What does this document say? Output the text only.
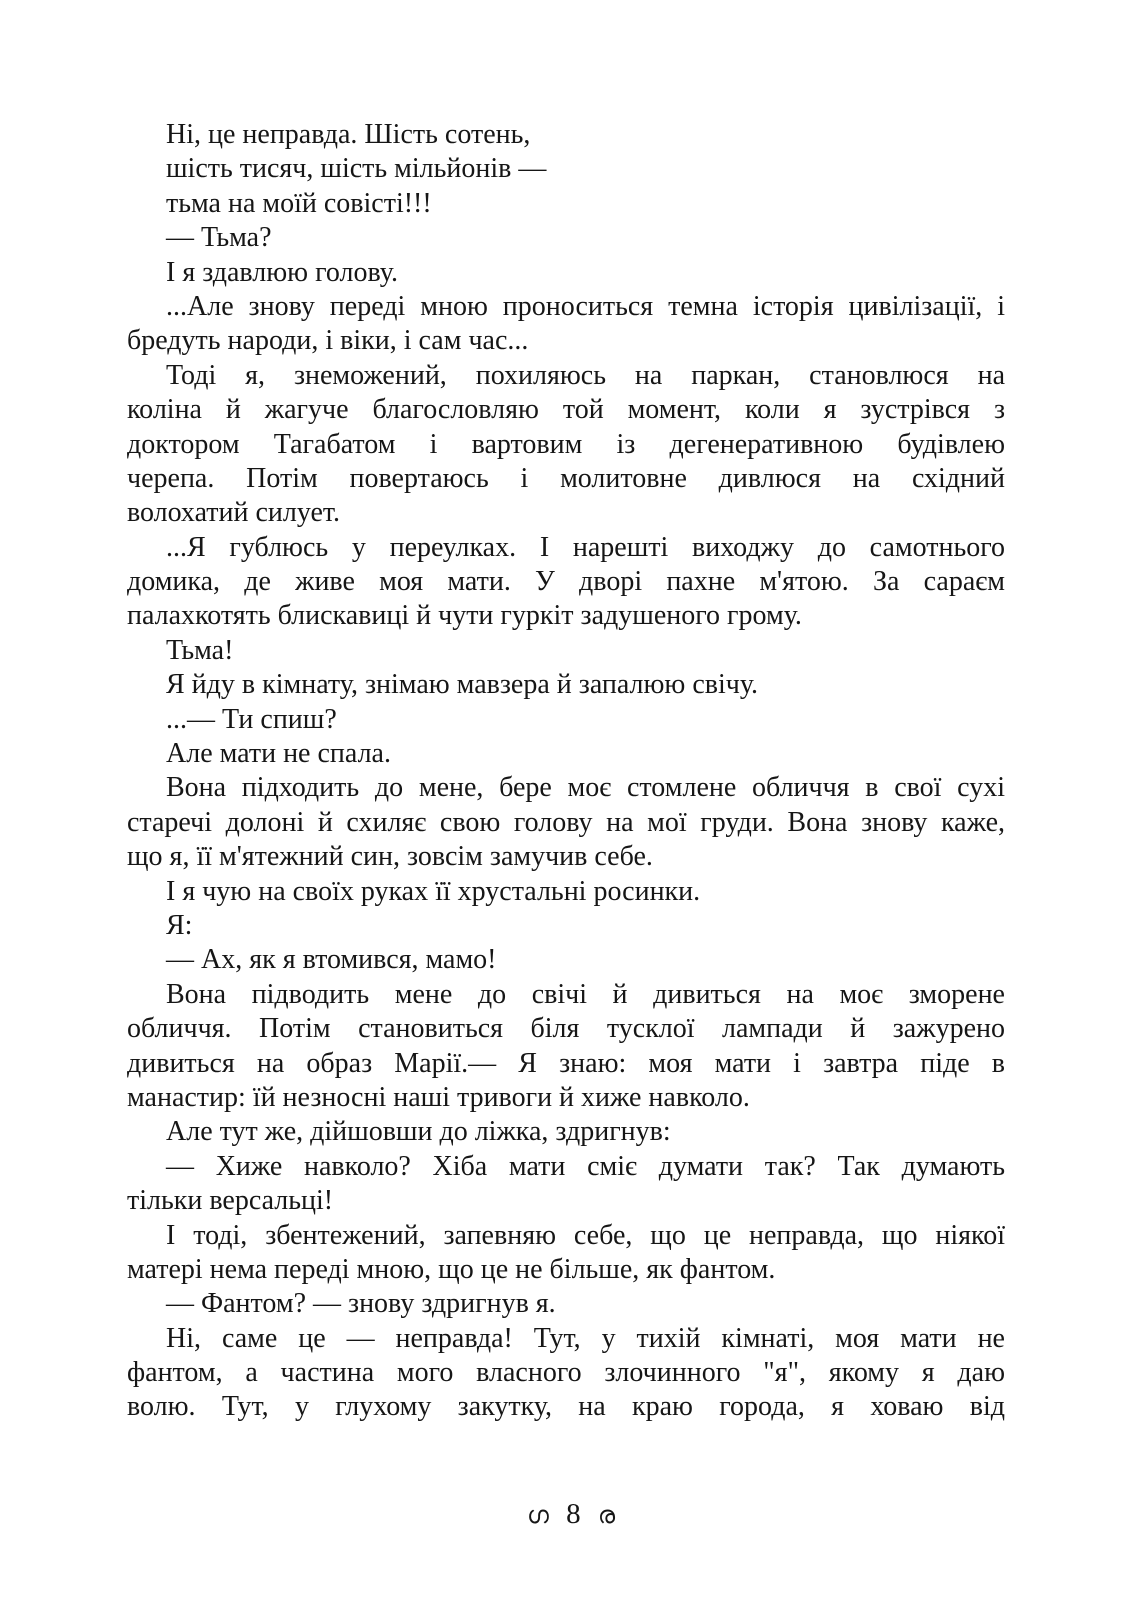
Ні, це неправда. Шість сотень,
шість тисяч, шість мільйонів —
тьма на моїй совісті!!!
— Тьма?
І я здавлюю голову.
...Але знову переді мною проноситься темна історія цивілізації, і
бредуть народи, і віки, і сам час...
Тоді я, знеможений, похиляюсь на паркан, становлюся на
коліна й жагуче благословляю той момент, коли я зустрівся з
доктором Тагабатом і вартовим із дегенеративною будівлею
черепа. Потім повертаюсь і молитовне дивлюся на східний
волохатий силует.
...Я гублюсь у переулках. І нарешті виходжу до самотнього
домика, де живе моя мати. У дворі пахне м'ятою. За сараєм
палахкотять блискавиці й чути гуркіт задушеного грому.
Тьма!
Я йду в кімнату, знімаю мавзера й запалюю свічу.
...— Ти спиш?
Але мати не спала.
Вона підходить до мене, бере моє стомлене обличчя в свої сухі
старечі долоні й схиляє свою голову на мої груди. Вона знову каже,
що я, її м'ятежний син, зовсім замучив себе.
І я чую на своїх руках її хрустальні росинки.
Я:
— Ах, як я втомився, мамо!
Вона підводить мене до свічі й дивиться на моє зморене
обличчя. Потім становиться біля тусклої лампади й зажурено
дивиться на образ Марії.— Я знаю: моя мати і завтра піде в
манастир: їй незносні наші тривоги й хиже навколо.
Але тут же, дійшовши до ліжка, здригнув:
— Хиже навколо? Хіба мати сміє думати так? Так думають
тільки версальці!
І тоді, збентежений, запевняю себе, що це неправда, що ніякої
матері нема переді мною, що це не більше, як фантом.
— Фантом? — знову здригнув я.
Ні, саме це — неправда! Тут, у тихій кімнаті, моя мати не
фантом, а частина мого власного злочинного "я", якому я даю
волю. Тут, у глухому закутку, на краю города, я ховаю від
ഗ 8 ര
